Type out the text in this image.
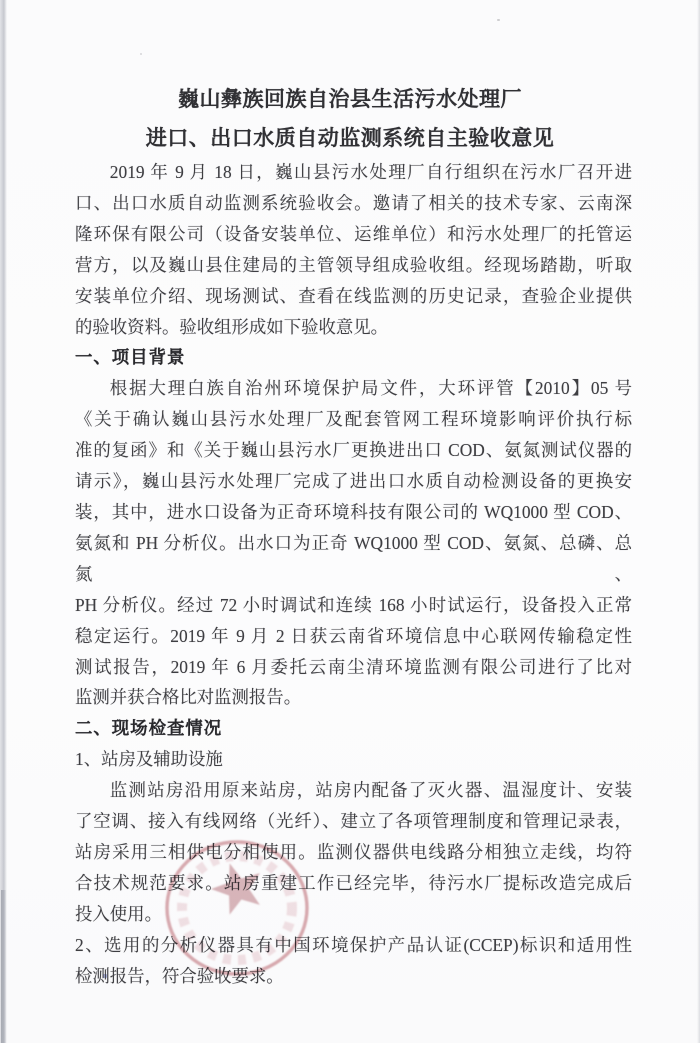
巍山彝族回族自治县生活污水处理厂
进口、出口水质自动监测系统自主验收意见
2019 年 9 月 18 日，巍山县污水处理厂自行组织在污水厂召开进
口、出口水质自动监测系统验收会。邀请了相关的技术专家、云南深
隆环保有限公司（设备安装单位、运维单位）和污水处理厂的托管运
营方，以及巍山县住建局的主管领导组成验收组。经现场踏勘，听取
安装单位介绍、现场测试、查看在线监测的历史记录，查验企业提供
的验收资料。验收组形成如下验收意见。
一、项目背景
根据大理白族自治州环境保护局文件，大环评管【2010】05 号
《关于确认巍山县污水处理厂及配套管网工程环境影响评价执行标
准的复函》和《关于巍山县污水厂更换进出口 COD、氨氮测试仪器的
请示》，巍山县污水处理厂完成了进出口水质自动检测设备的更换安
装，其中，进水口设备为正奇环境科技有限公司的 WQ1000 型 COD、
氨氮和 PH 分析仪。出水口为正奇 WQ1000 型 COD、氨氮、总磷、总氮、
PH 分析仪。经过 72 小时调试和连续 168 小时试运行，设备投入正常
稳定运行。2019 年 9 月 2 日获云南省环境信息中心联网传输稳定性
测试报告，2019 年 6 月委托云南尘清环境监测有限公司进行了比对
监测并获合格比对监测报告。
二、现场检查情况
1、站房及辅助设施
监测站房沿用原来站房，站房内配备了灭火器、温湿度计、安装
了空调、接入有线网络（光纤）、建立了各项管理制度和管理记录表，
站房采用三相供电分相使用。监测仪器供电线路分相独立走线，均符
合技术规范要求。站房重建工作已经完毕，待污水厂提标改造完成后
投入使用。
2、选用的分析仪器具有中国环境保护产品认证(CCEP)标识和适用性
检测报告，符合验收要求。
